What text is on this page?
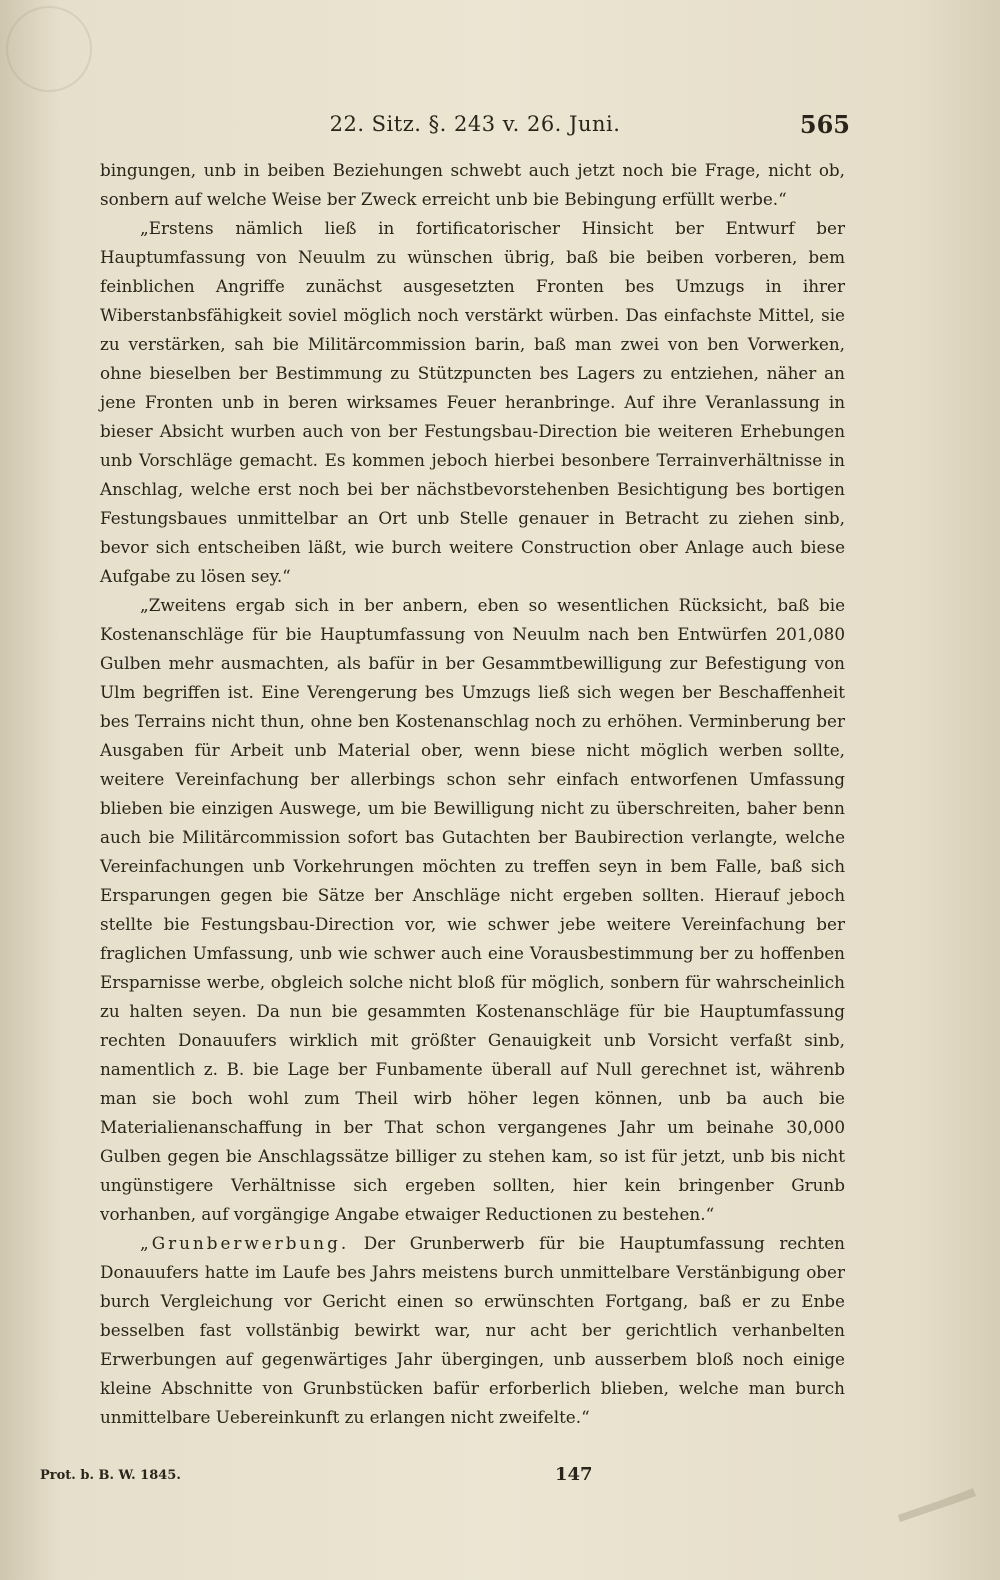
22. Sitz. §. 243 v. 26. Juni.	565

bingungen, unb in beiben Beziehungen schwebt auch jetzt noch bie Frage, nicht ob, sonbern auf welche Weise ber Zweck erreicht unb bie Bebingung erfüllt werbe.“

„Erstens nämlich ließ in fortificatorischer Hinsicht ber Entwurf ber Hauptumfassung von Neuulm zu wünschen übrig, baß bie beiben vorberen, bem feinblichen Angriffe zunächst ausgesetzten Fronten bes Umzugs in ihrer Wiberstanbsfähigkeit soviel möglich noch verstärkt würben. Das einfachste Mittel, sie zu verstärken, sah bie Militärcommission barin, baß man zwei von ben Vorwerken, ohne bieselben ber Bestimmung zu Stützpuncten bes Lagers zu entziehen, näher an jene Fronten unb in beren wirksames Feuer heranbringe. Auf ihre Veranlassung in bieser Absicht wurben auch von ber Festungsbau-Direction bie weiteren Erhebungen unb Vorschläge gemacht. Es kommen jeboch hierbei besonbere Terrainverhältnisse in Anschlag, welche erst noch bei ber nächstbevorstehenben Besichtigung bes bortigen Festungsbaues unmittelbar an Ort unb Stelle genauer in Betracht zu ziehen sinb, bevor sich entscheiben läßt, wie burch weitere Construction ober Anlage auch biese Aufgabe zu lösen sey.“

„Zweitens ergab sich in ber anbern, eben so wesentlichen Rücksicht, baß bie Kostenanschläge für bie Hauptumfassung von Neuulm nach ben Entwürfen 201,080 Gulben mehr ausmachten, als bafür in ber Gesammtbewilligung zur Befestigung von Ulm begriffen ist. Eine Verengerung bes Umzugs ließ sich wegen ber Beschaffenheit bes Terrains nicht thun, ohne ben Kostenanschlag noch zu erhöhen. Verminberung ber Ausgaben für Arbeit unb Material ober, wenn biese nicht möglich werben sollte, weitere Vereinfachung ber allerbings schon sehr einfach entworfenen Umfassung blieben bie einzigen Auswege, um bie Bewilligung nicht zu überschreiten, baher benn auch bie Militärcommission sofort bas Gutachten ber Baubirection verlangte, welche Vereinfachungen unb Vorkehrungen möchten zu treffen seyn in bem Falle, baß sich Ersparungen gegen bie Sätze ber Anschläge nicht ergeben sollten. Hierauf jeboch stellte bie Festungsbau-Direction vor, wie schwer jebe weitere Vereinfachung ber fraglichen Umfassung, unb wie schwer auch eine Vorausbestimmung ber zu hoffenben Ersparnisse werbe, obgleich solche nicht bloß für möglich, sonbern für wahrscheinlich zu halten seyen. Da nun bie gesammten Kostenanschläge für bie Hauptumfassung rechten Donauufers wirklich mit größter Genauigkeit unb Vorsicht verfaßt sinb, namentlich z. B. bie Lage ber Funbamente überall auf Null gerechnet ist, währenb man sie boch wohl zum Theil wirb höher legen können, unb ba auch bie Materialienanschaffung in ber That schon vergangenes Jahr um beinahe 30,000 Gulben gegen bie Anschlagssätze billiger zu stehen kam, so ist für jetzt, unb bis nicht ungünstigere Verhältnisse sich ergeben sollten, hier kein bringenber Grunb vorhanben, auf vorgängige Angabe etwaiger Reductionen zu bestehen.“

„Grunberwerbung. Der Grunberwerb für bie Hauptumfassung rechten Donauufers hatte im Laufe bes Jahrs meistens burch unmittelbare Verstänbigung ober burch Vergleichung vor Gericht einen so erwünschten Fortgang, baß er zu Enbe besselben fast vollstänbig bewirkt war, nur acht ber gerichtlich verhanbelten Erwerbungen auf gegenwärtiges Jahr übergingen, unb ausserbem bloß noch einige kleine Abschnitte von Grunbstücken bafür erforberlich blieben, welche man burch unmittelbare Uebereinkunft zu erlangen nicht zweifelte.“

Prot. b. B. W. 1845.	147
